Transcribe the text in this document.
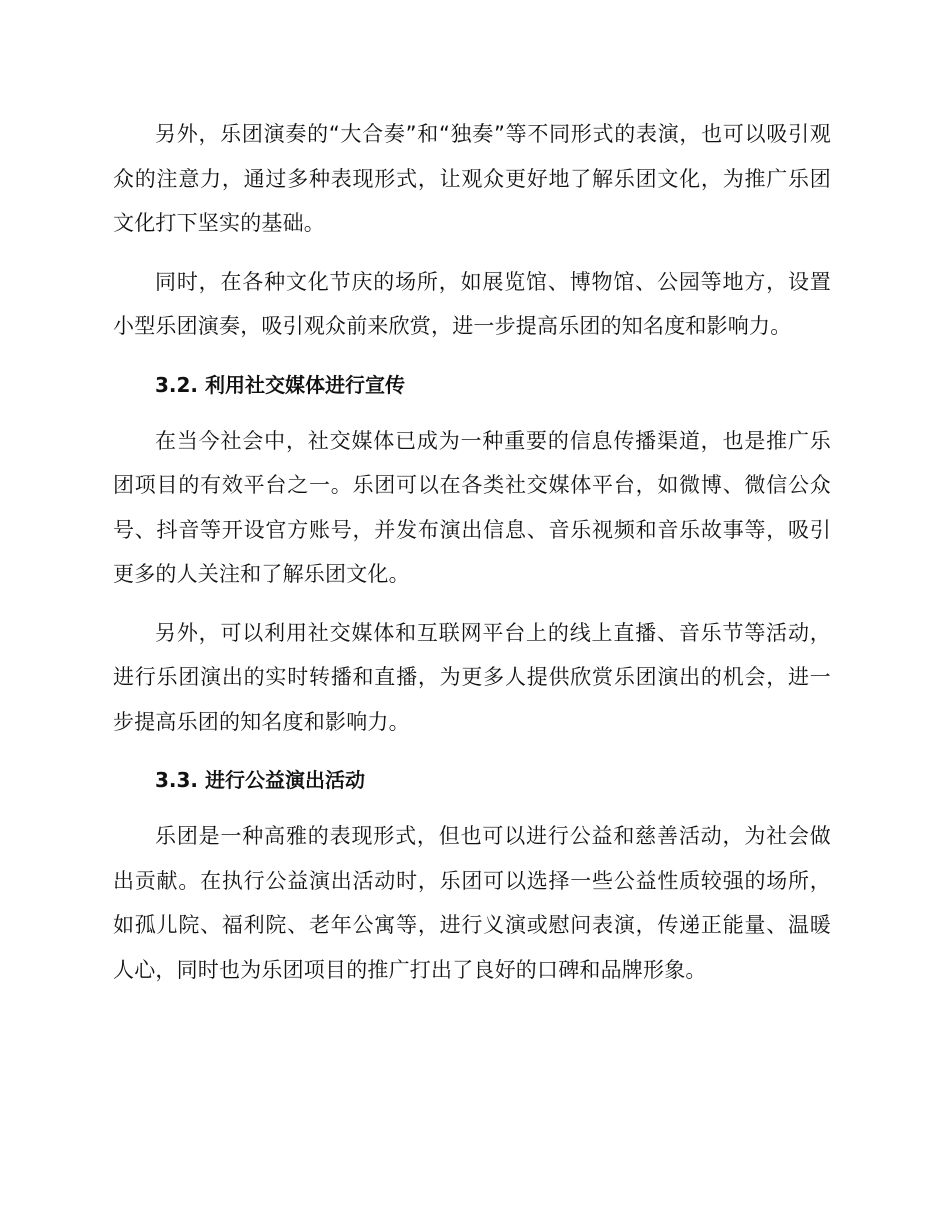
另外，乐团演奏的“大合奏”和“独奏”等不同形式的表演，也可以吸引观众的注意力，通过多种表现形式，让观众更好地了解乐团文化，为推广乐团文化打下坚实的基础。

同时，在各种文化节庆的场所，如展览馆、博物馆、公园等地方，设置小型乐团演奏，吸引观众前来欣赏，进一步提高乐团的知名度和影响力。

3.2. 利用社交媒体进行宣传

在当今社会中，社交媒体已成为一种重要的信息传播渠道，也是推广乐团项目的有效平台之一。乐团可以在各类社交媒体平台，如微博、微信公众号、抖音等开设官方账号，并发布演出信息、音乐视频和音乐故事等，吸引更多的人关注和了解乐团文化。

另外，可以利用社交媒体和互联网平台上的线上直播、音乐节等活动，进行乐团演出的实时转播和直播，为更多人提供欣赏乐团演出的机会，进一步提高乐团的知名度和影响力。

3.3. 进行公益演出活动

乐团是一种高雅的表现形式，但也可以进行公益和慈善活动，为社会做出贡献。在执行公益演出活动时，乐团可以选择一些公益性质较强的场所，如孤儿院、福利院、老年公寓等，进行义演或慰问表演，传递正能量、温暖人心，同时也为乐团项目的推广打出了良好的口碑和品牌形象。
